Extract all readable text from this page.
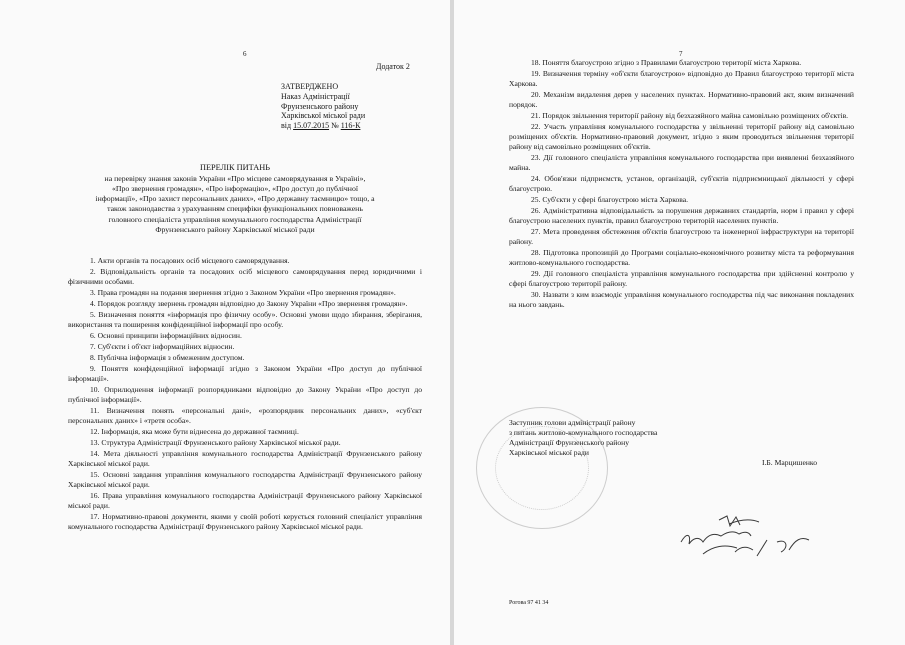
6
Додаток 2
ЗАТВЕРДЖЕНО
Наказ Адміністрації
Фрунзенського району
Харківської міської ради
від 15.07.2015 № 116-К
ПЕРЕЛІК ПИТАНЬ
на перевірку знання законів України «Про місцеве самоврядування в Україні»,
«Про звернення громадян», «Про інформацію», «Про доступ до публічної
інформації», «Про захист персональних даних», «Про державну таємницю» тощо, а
також законодавства з урахуванням специфіки функціональних повноважень
головного спеціаліста управління комунального господарства Адміністрації
Фрунзенського району Харківської міської ради

1. Акти органів та посадових осіб місцевого самоврядування.

2. Відповідальність органів та посадових осіб місцевого самоврядування перед юридичними і фізичними особами.

3. Права громадян на подання звернення згідно з Законом України «Про звернення громадян».

4. Порядок розгляду звернень громадян відповідно до Закону України «Про звернення громадян».

5. Визначення поняття «інформація про фізичну особу». Основні умови щодо збирання, зберігання, використання та поширення конфіденційної інформації про особу.

6. Основні принципи інформаційних відносин.

7. Суб'єкти і об'єкт інформаційних відносин.

8. Публічна інформація з обмеженим доступом.

9. Поняття конфіденційної інформації згідно з Законом України «Про доступ до публічної інформації».

10. Оприлюднення інформації розпорядниками відповідно до Закону України «Про доступ до публічної інформації».

11. Визначення понять «персональні дані», «розпорядник персональних даних», «суб'єкт персональних даних» і «третя особа».

12. Інформація, яка може бути віднесена до державної таємниці.

13. Структура Адміністрації Фрунзенського району Харківської міської ради.

14. Мета діяльності управління комунального господарства Адміністрації Фрунзенського району Харківської міської ради.

15. Основні завдання управління комунального господарства Адміністрації Фрунзенського району Харківської міської ради.

16. Права управління комунального господарства Адміністрації Фрунзенського району Харківської міської ради.

17. Нормативно-правові документи, якими у своїй роботі керується головний спеціаліст управління комунального господарства Адміністрації Фрунзенського району Харківської міської ради.

7

18. Поняття благоустрою згідно з Правилами благоустрою території міста Харкова.

19. Визначення терміну «об'єкти благоустрою» відповідно до Правил благоустрою території міста Харкова.

20. Механізм видалення дерев у населених пунктах. Нормативно-правовий акт, яким визначений порядок.

21. Порядок звільнення території району від безхазяйного майна самовільно розміщених об'єктів.

22. Участь управління комунального господарства у звільненні території району від самовільно розміщених об'єктів. Нормативно-правовий документ, згідно з яким проводиться звільнення території району від самовільно розміщених об'єктів.

23. Дії головного спеціаліста управління комунального господарства при виявленні безхазяйного майна.

24. Обов'язки підприємств, установ, організацій, суб'єктів підприємницької діяльності у сфері благоустрою.

25. Суб'єкти у сфері благоустрою міста Харкова.

26. Адміністративна відповідальність за порушення державних стандартів, норм і правил у сфері благоустрою населених пунктів, правил благоустрою територій населених пунктів.

27. Мета проведення обстеження об'єктів благоустрою та інженерної інфраструктури на території району.

28. Підготовка пропозицій до Програми соціально-економічного розвитку міста та реформування житлово-комунального господарства.

29. Дії головного спеціаліста управління комунального господарства при здійсненні контролю у сфері благоустрою території району.

30. Назвати з ким взаємодіє управління комунального господарства під час виконання покладених на нього завдань.

Заступник голови адміністрації району
з питань житлово-комунального господарства
Адміністрації Фрунзенського району
Харківської міської ради
І.Б. Марцишенко
Рогова 97 41 34
